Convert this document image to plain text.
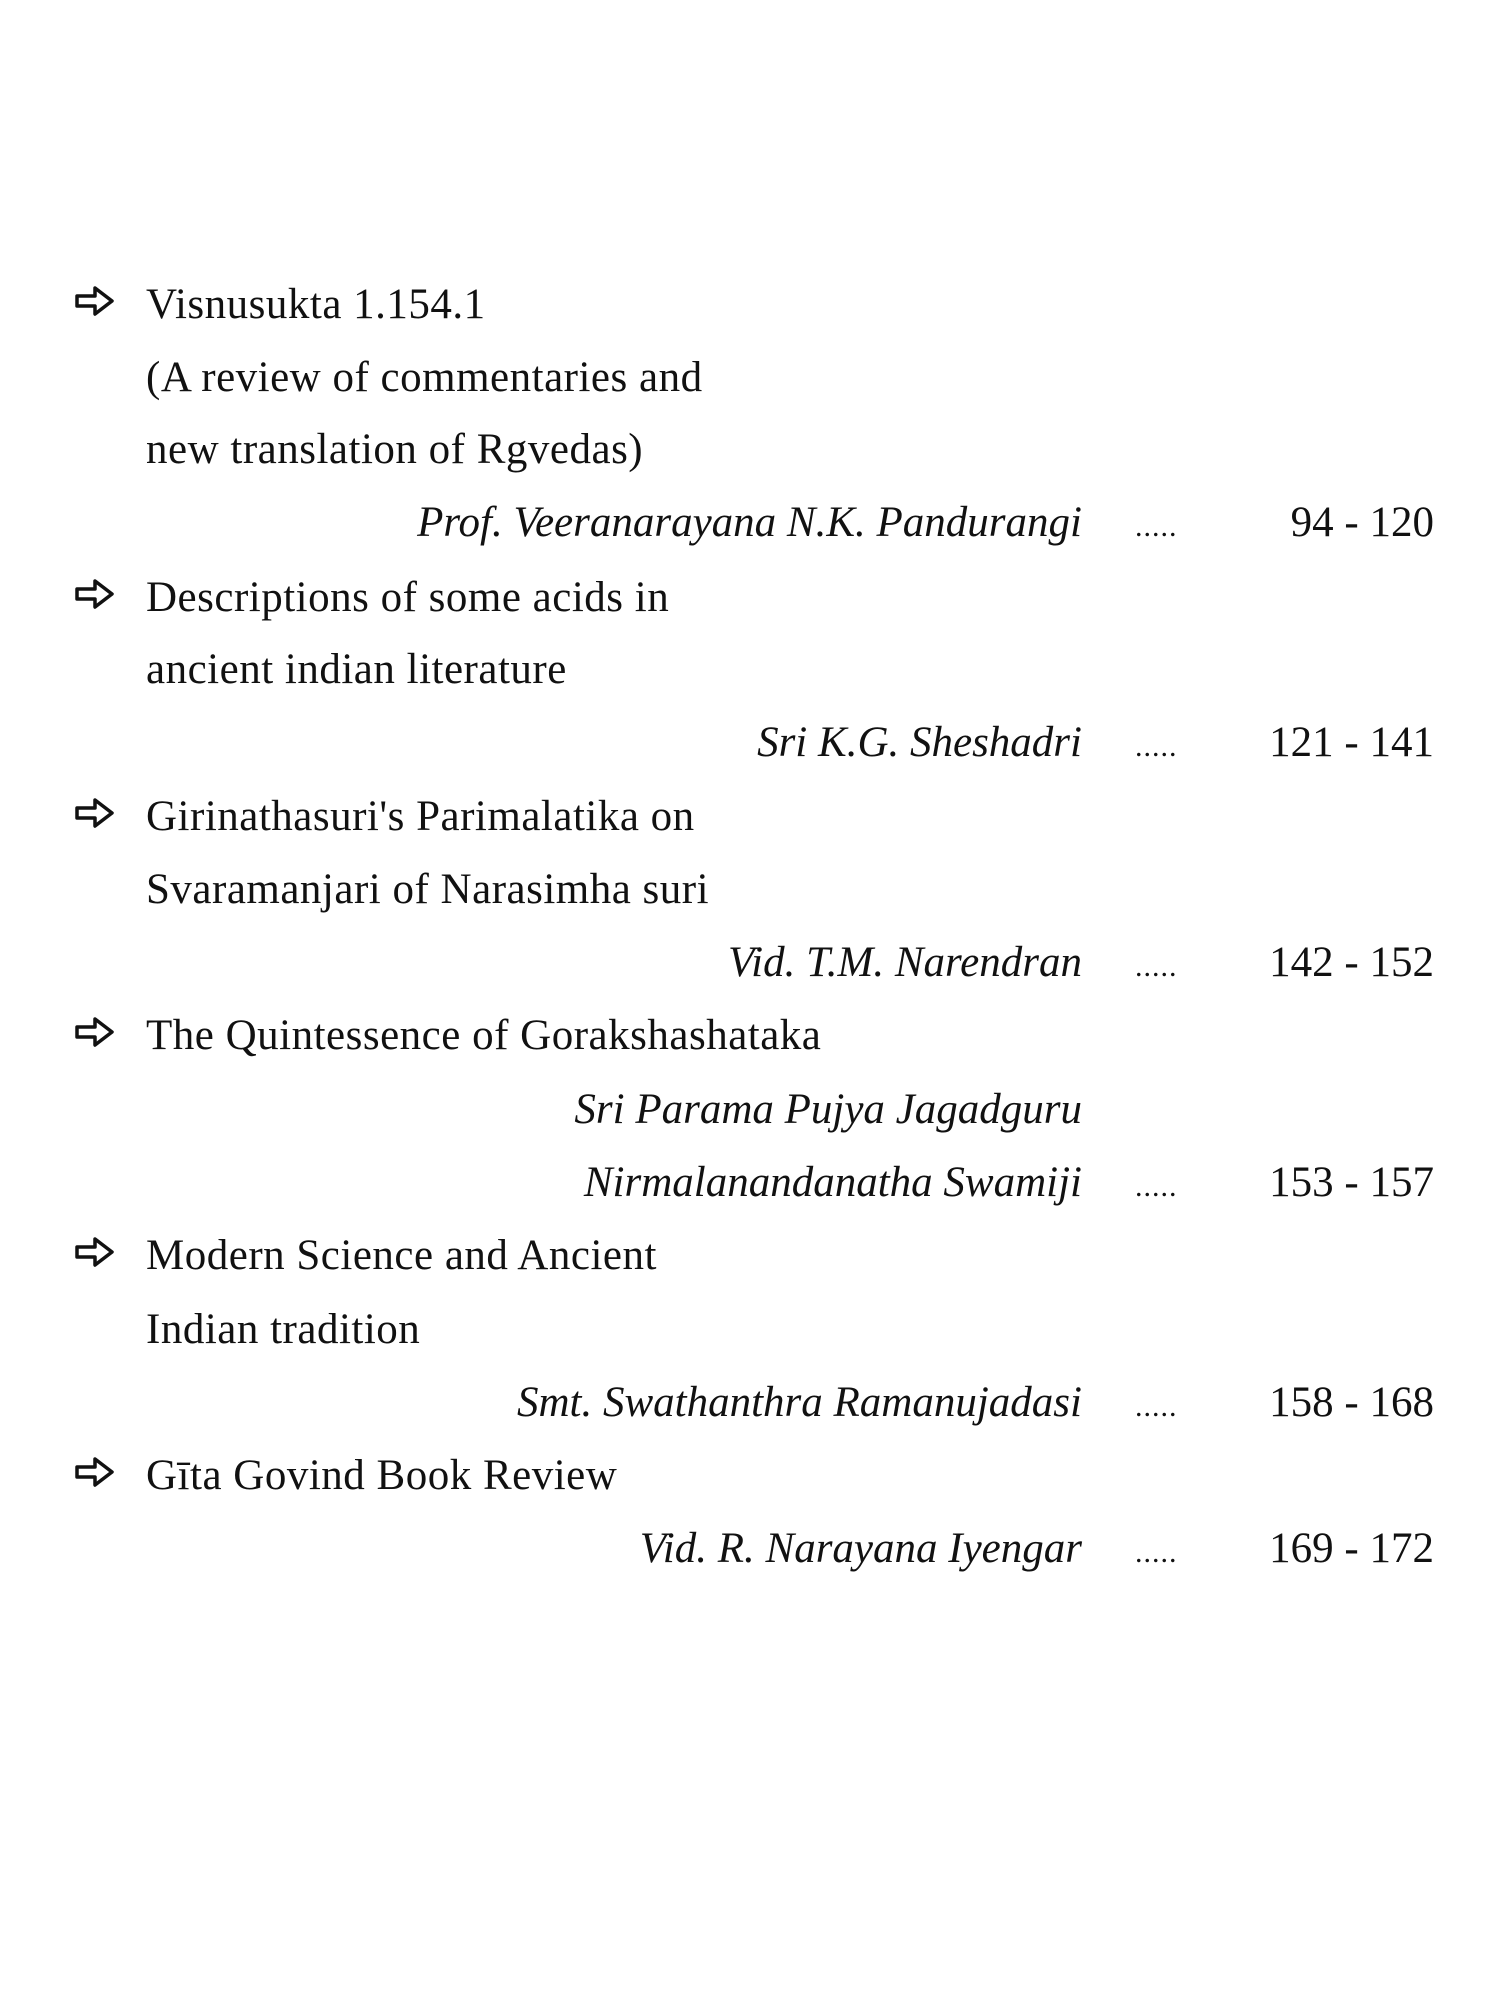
Visnusukta 1.154.1
(A review of commentaries and
new translation of Rgvedas)
Prof. Veeranarayana N.K. Pandurangi .....	94 - 120
Descriptions of some acids in
ancient indian literature
Sri K.G. Sheshadri ..... 121 - 141
Girinathasuri's Parimalatika on
Svaramanjari of Narasimha suri
Vid. T.M. Narendran ..... 142 - 152
The Quintessence of Gorakshashataka
Sri Parama Pujya Jagadguru
Nirmalanandanatha Swamiji ..... 153 - 157
Modern Science and Ancient
Indian tradition
Smt. Swathanthra Ramanujadasi ..... 158 - 168
Gīta Govind Book Review
Vid. R. Narayana Iyengar ..... 169 - 172
